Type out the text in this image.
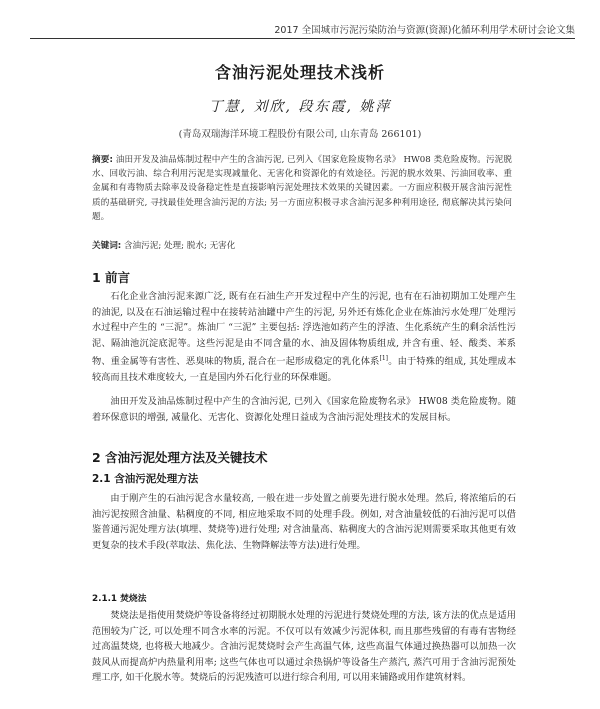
2017 全国城市污泥污染防治与资源(资源)化循环利用学术研讨会论文集
含油污泥处理技术浅析
丁慧, 刘欣, 段东霞, 姚萍
(青岛双瑞海洋环境工程股份有限公司, 山东青岛 266101)
摘要: 油田开发及油品炼制过程中产生的含油污泥, 已列入《国家危险废物名录》 HW08 类危险废物。污泥脱水、回收污油、综合利用污泥是实现减量化、无害化和资源化的有效途径。污泥的脱水效果、污油回收率、重金属和有毒物质去除率及设备稳定性是直接影响污泥处理技术效果的关键因素。一方面应积极开展含油污泥性质的基础研究, 寻找最佳处理含油污泥的方法; 另一方面应积极寻求含油污泥多种利用途径, 彻底解决其污染问题。
关键词: 含油污泥; 处理; 脱水; 无害化
1 前言
石化企业含油污泥来源广泛, 既有在石油生产开发过程中产生的污泥, 也有在石油初期加工处理产生的油泥, 以及在石油运输过程中在接转站油罐中产生的污泥, 另外还有炼化企业在炼油污水处理厂处理污水过程中产生的 “三泥”。炼油厂 “三泥” 主要包括: 浮选池如药产生的浮渣、生化系统产生的剩余活性污泥、隔油池沉淀底泥等。这些污泥是由不同含量的水、油及固体物质组成, 并含有重、轻、酸类、苯系物、重金属等有害性、恶臭味的物质, 混合在一起形成稳定的乳化体系[1]。由于特殊的组成, 其处理成本较高而且技术难度较大, 一直是国内外石化行业的环保难题。
油田开发及油品炼制过程中产生的含油污泥, 已列入《国家危险废物名录》 HW08 类危险废物。随着环保意识的增强, 减量化、无害化、资源化处理日益成为含油污泥处理技术的发展目标。
2 含油污泥处理方法及关键技术
2.1 含油污泥处理方法
由于刚产生的石油污泥含水量较高, 一般在进一步处置之前要先进行脱水处理。然后, 将浓缩后的石油污泥按照含油量、粘稠度的不同, 相应地采取不同的处理手段。例如, 对含油量较低的石油污泥可以借鉴普通污泥处理方法(填埋、焚烧等)进行处理; 对含油量高、粘稠度大的含油污泥则需要采取其他更有效更复杂的技术手段(萃取法、焦化法、生物降解法等方法)进行处理。
2.1.1 焚烧法
焚烧法是指使用焚烧炉等设备将经过初期脱水处理的污泥进行焚烧处理的方法, 该方法的优点是适用范围较为广泛, 可以处理不同含水率的污泥。不仅可以有效减少污泥体积, 而且那些残留的有毒有害物经过高温焚烧, 也将极大地减少。含油污泥焚烧时会产生高温气体, 这些高温气体通过换热器可以加热一次鼓风从而提高炉内热量利用率; 这些气体也可以通过余热锅炉等设备生产蒸汽, 蒸汽可用于含油污泥预处理工序, 如干化脱水等。焚烧后的污泥残渣可以进行综合利用, 可以用来铺路或用作建筑材料。
